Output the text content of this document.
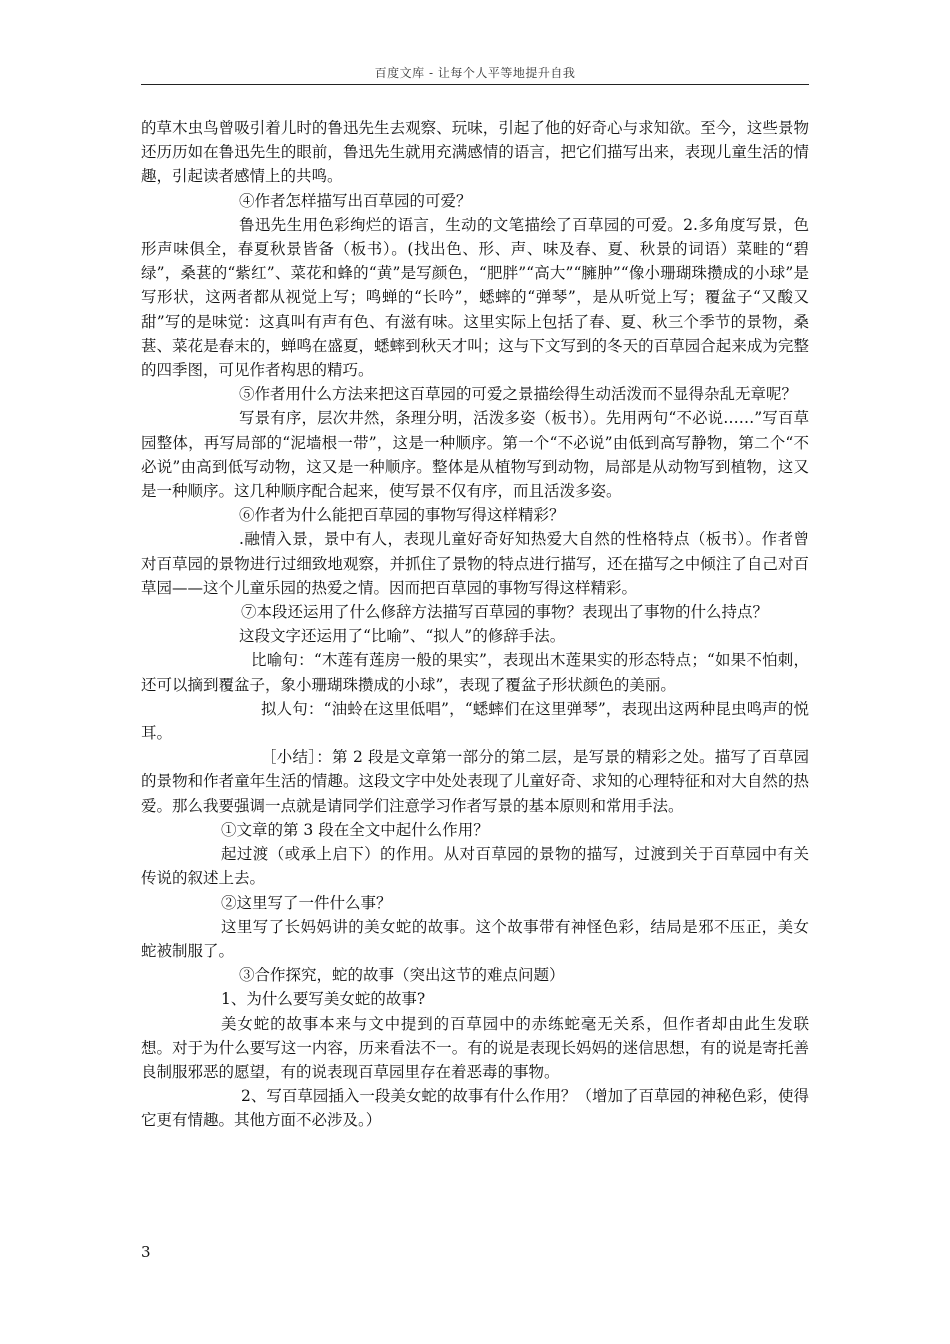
百度文库 - 让每个人平等地提升自我

的草木虫鸟曾吸引着儿时的鲁迅先生去观察、玩味，引起了他的好奇心与求知欲。至今，这些景物还历历如在鲁迅先生的眼前，鲁迅先生就用充满感情的语言，把它们描写出来，表现儿童生活的情趣，引起读者感情上的共鸣。

④作者怎样描写出百草园的可爱？

鲁迅先生用色彩绚烂的语言，生动的文笔描绘了百草园的可爱。2.多角度写景，色形声味俱全，春夏秋景皆备（板书）。(找出色、形、声、味及春、夏、秋景的词语）菜畦的“碧绿”，桑葚的“紫红”、菜花和蜂的“黄”是写颜色，“肥胖”“高大”“臃肿”“像小珊瑚珠攒成的小球”是写形状，这两者都从视觉上写；鸣蝉的“长吟”，蟋蟀的“弹琴”，是从听觉上写；覆盆子“又酸又甜”写的是味觉：这真叫有声有色、有滋有味。这里实际上包括了春、夏、秋三个季节的景物，桑葚、菜花是春末的，蝉鸣在盛夏，蟋蟀到秋天才叫；这与下文写到的冬天的百草园合起来成为完整的四季图，可见作者构思的精巧。

⑤作者用什么方法来把这百草园的可爱之景描绘得生动活泼而不显得杂乱无章呢？

写景有序，层次井然，条理分明，活泼多姿（板书）。先用两句“不必说……”写百草园整体，再写局部的“泥墙根一带”，这是一种顺序。第一个“不必说”由低到高写静物，第二个“不必说”由高到低写动物，这又是一种顺序。整体是从植物写到动物，局部是从动物写到植物，这又是一种顺序。这几种顺序配合起来，使写景不仅有序，而且活泼多姿。

⑥作者为什么能把百草园的事物写得这样精彩？

.融情入景，景中有人，表现儿童好奇好知热爱大自然的性格特点（板书）。作者曾对百草园的景物进行过细致地观察，并抓住了景物的特点进行描写，还在描写之中倾注了自己对百草园——这个儿童乐园的热爱之情。因而把百草园的事物写得这样精彩。

⑦本段还运用了什么修辞方法描写百草园的事物？表现出了事物的什么持点？

这段文字还运用了“比喻”、“拟人”的修辞手法。

比喻句：“木莲有莲房一般的果实”，表现出木莲果实的形态特点；“如果不怕刺，还可以摘到覆盆子，象小珊瑚珠攒成的小球”，表现了覆盆子形状颜色的美丽。

拟人句：“油蛉在这里低唱”，“蟋蟀们在这里弹琴”，表现出这两种昆虫鸣声的悦耳。

［小结］：第 2 段是文章第一部分的第二层，是写景的精彩之处。描写了百草园的景物和作者童年生活的情趣。这段文字中处处表现了儿童好奇、求知的心理特征和对大自然的热爱。那么我要强调一点就是请同学们注意学习作者写景的基本原则和常用手法。

①文章的第 3 段在全文中起什么作用？

起过渡（或承上启下）的作用。从对百草园的景物的描写，过渡到关于百草园中有关传说的叙述上去。

②这里写了一件什么事？

这里写了长妈妈讲的美女蛇的故事。这个故事带有神怪色彩，结局是邪不压正，美女蛇被制服了。

③合作探究，蛇的故事（突出这节的难点问题）

1、为什么要写美女蛇的故事?

美女蛇的故事本来与文中提到的百草园中的赤练蛇毫无关系，但作者却由此生发联想。对于为什么要写这一内容，历来看法不一。有的说是表现长妈妈的迷信思想，有的说是寄托善良制服邪恶的愿望，有的说表现百草园里存在着恶毒的事物。

2、写百草园插入一段美女蛇的故事有什么作用？（增加了百草园的神秘色彩，使得它更有情趣。其他方面不必涉及。）

3
